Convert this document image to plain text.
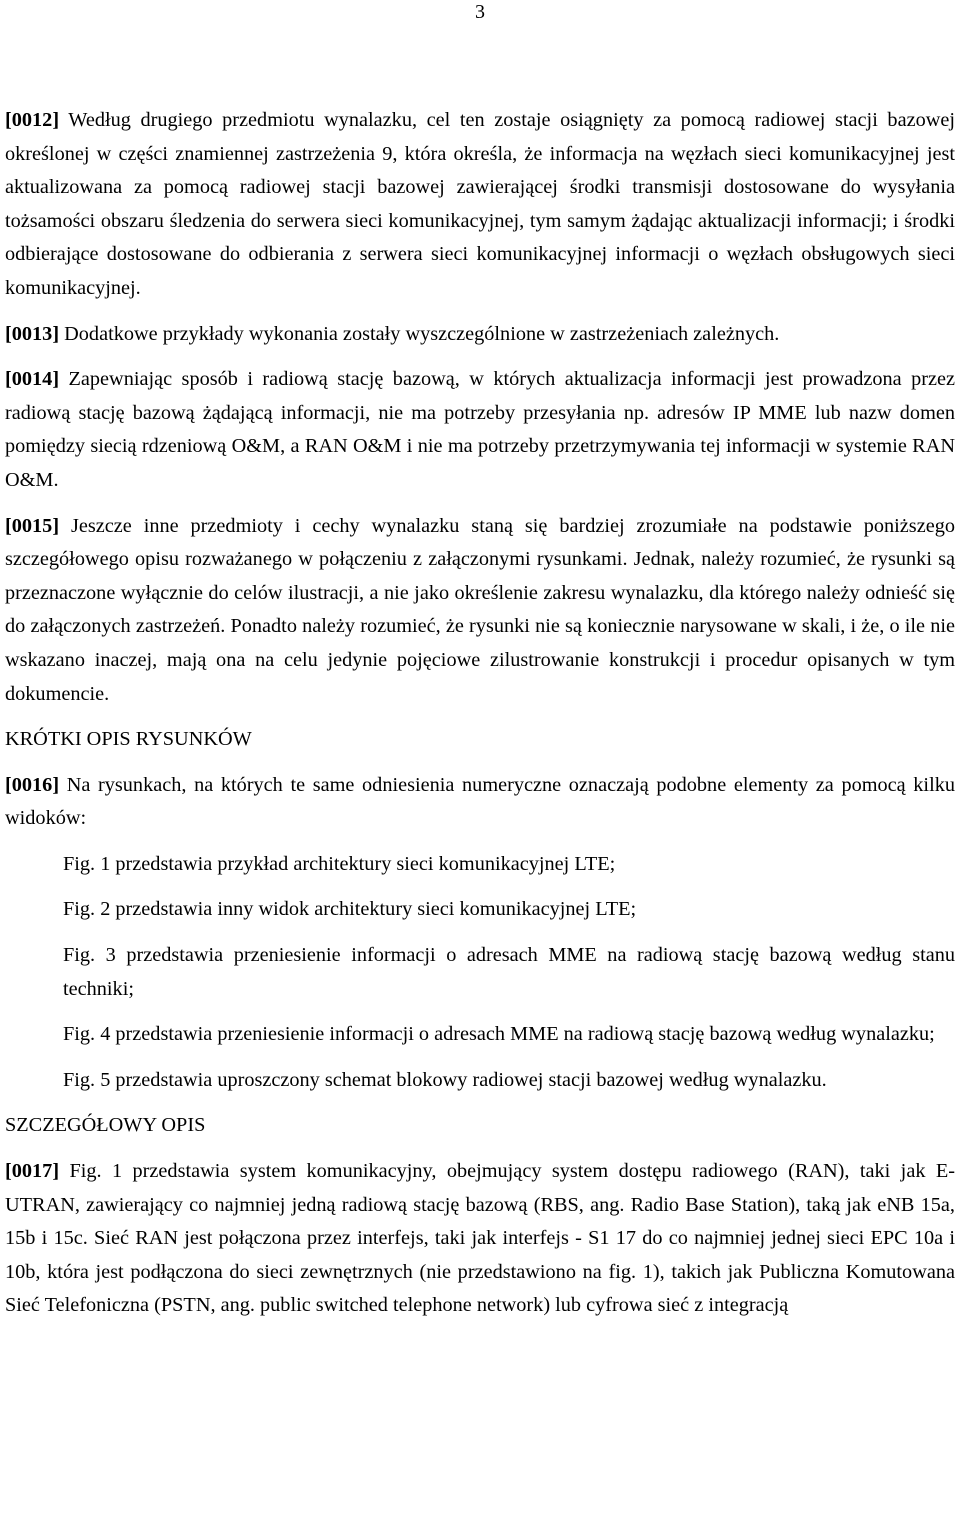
3

[0012] Według drugiego przedmiotu wynalazku, cel ten zostaje osiągnięty za pomocą radiowej stacji bazowej określonej w części znamiennej zastrzeżenia 9, która określa, że informacja na węzłach sieci komunikacyjnej jest aktualizowana za pomocą radiowej stacji bazowej zawierającej środki transmisji dostosowane do wysyłania tożsamości obszaru śledzenia do serwera sieci komunikacyjnej, tym samym żądając aktualizacji informacji; i środki odbierające dostosowane do odbierania z serwera sieci komunikacyjnej informacji o węzłach obsługowych sieci komunikacyjnej.

[0013] Dodatkowe przykłady wykonania zostały wyszczególnione w zastrzeżeniach zależnych.

[0014] Zapewniając sposób i radiową stację bazową, w których aktualizacja informacji jest prowadzona przez radiową stację bazową żądającą informacji, nie ma potrzeby przesyłania np. adresów IP MME lub nazw domen pomiędzy siecią rdzeniową O&M, a RAN O&M i nie ma potrzeby przetrzymywania tej informacji w systemie RAN O&M.

[0015] Jeszcze inne przedmioty i cechy wynalazku staną się bardziej zrozumiałe na podstawie poniższego szczegółowego opisu rozważanego w połączeniu z załączonymi rysunkami. Jednak, należy rozumieć, że rysunki są przeznaczone wyłącznie do celów ilustracji, a nie jako określenie zakresu wynalazku, dla którego należy odnieść się do załączonych zastrzeżeń. Ponadto należy rozumieć, że rysunki nie są koniecznie narysowane w skali, i że, o ile nie wskazano inaczej, mają ona na celu jedynie pojęciowe zilustrowanie konstrukcji i procedur opisanych w tym dokumencie.

KRÓTKI OPIS RYSUNKÓW

[0016] Na rysunkach, na których te same odniesienia numeryczne oznaczają podobne elementy za pomocą kilku widoków:

Fig. 1 przedstawia przykład architektury sieci komunikacyjnej LTE;
Fig. 2 przedstawia inny widok architektury sieci komunikacyjnej LTE;
Fig. 3 przedstawia przeniesienie informacji o adresach MME na radiową stację bazową według stanu techniki;
Fig. 4 przedstawia przeniesienie informacji o adresach MME na radiową stację bazową według wynalazku;
Fig. 5 przedstawia uproszczony schemat blokowy radiowej stacji bazowej według wynalazku.
SZCZEGÓŁOWY OPIS

[0017] Fig. 1 przedstawia system komunikacyjny, obejmujący system dostępu radiowego (RAN), taki jak E-UTRAN, zawierający co najmniej jedną radiową stację bazową (RBS, ang. Radio Base Station), taką jak eNB 15a, 15b i 15c. Sieć RAN jest połączona przez interfejs, taki jak interfejs - S1 17 do co najmniej jednej sieci EPC 10a i 10b, która jest podłączona do sieci zewnętrznych (nie przedstawiono na fig. 1), takich jak Publiczna Komutowana Sieć Telefoniczna (PSTN, ang. public switched telephone network) lub cyfrowa sieć z integracją
